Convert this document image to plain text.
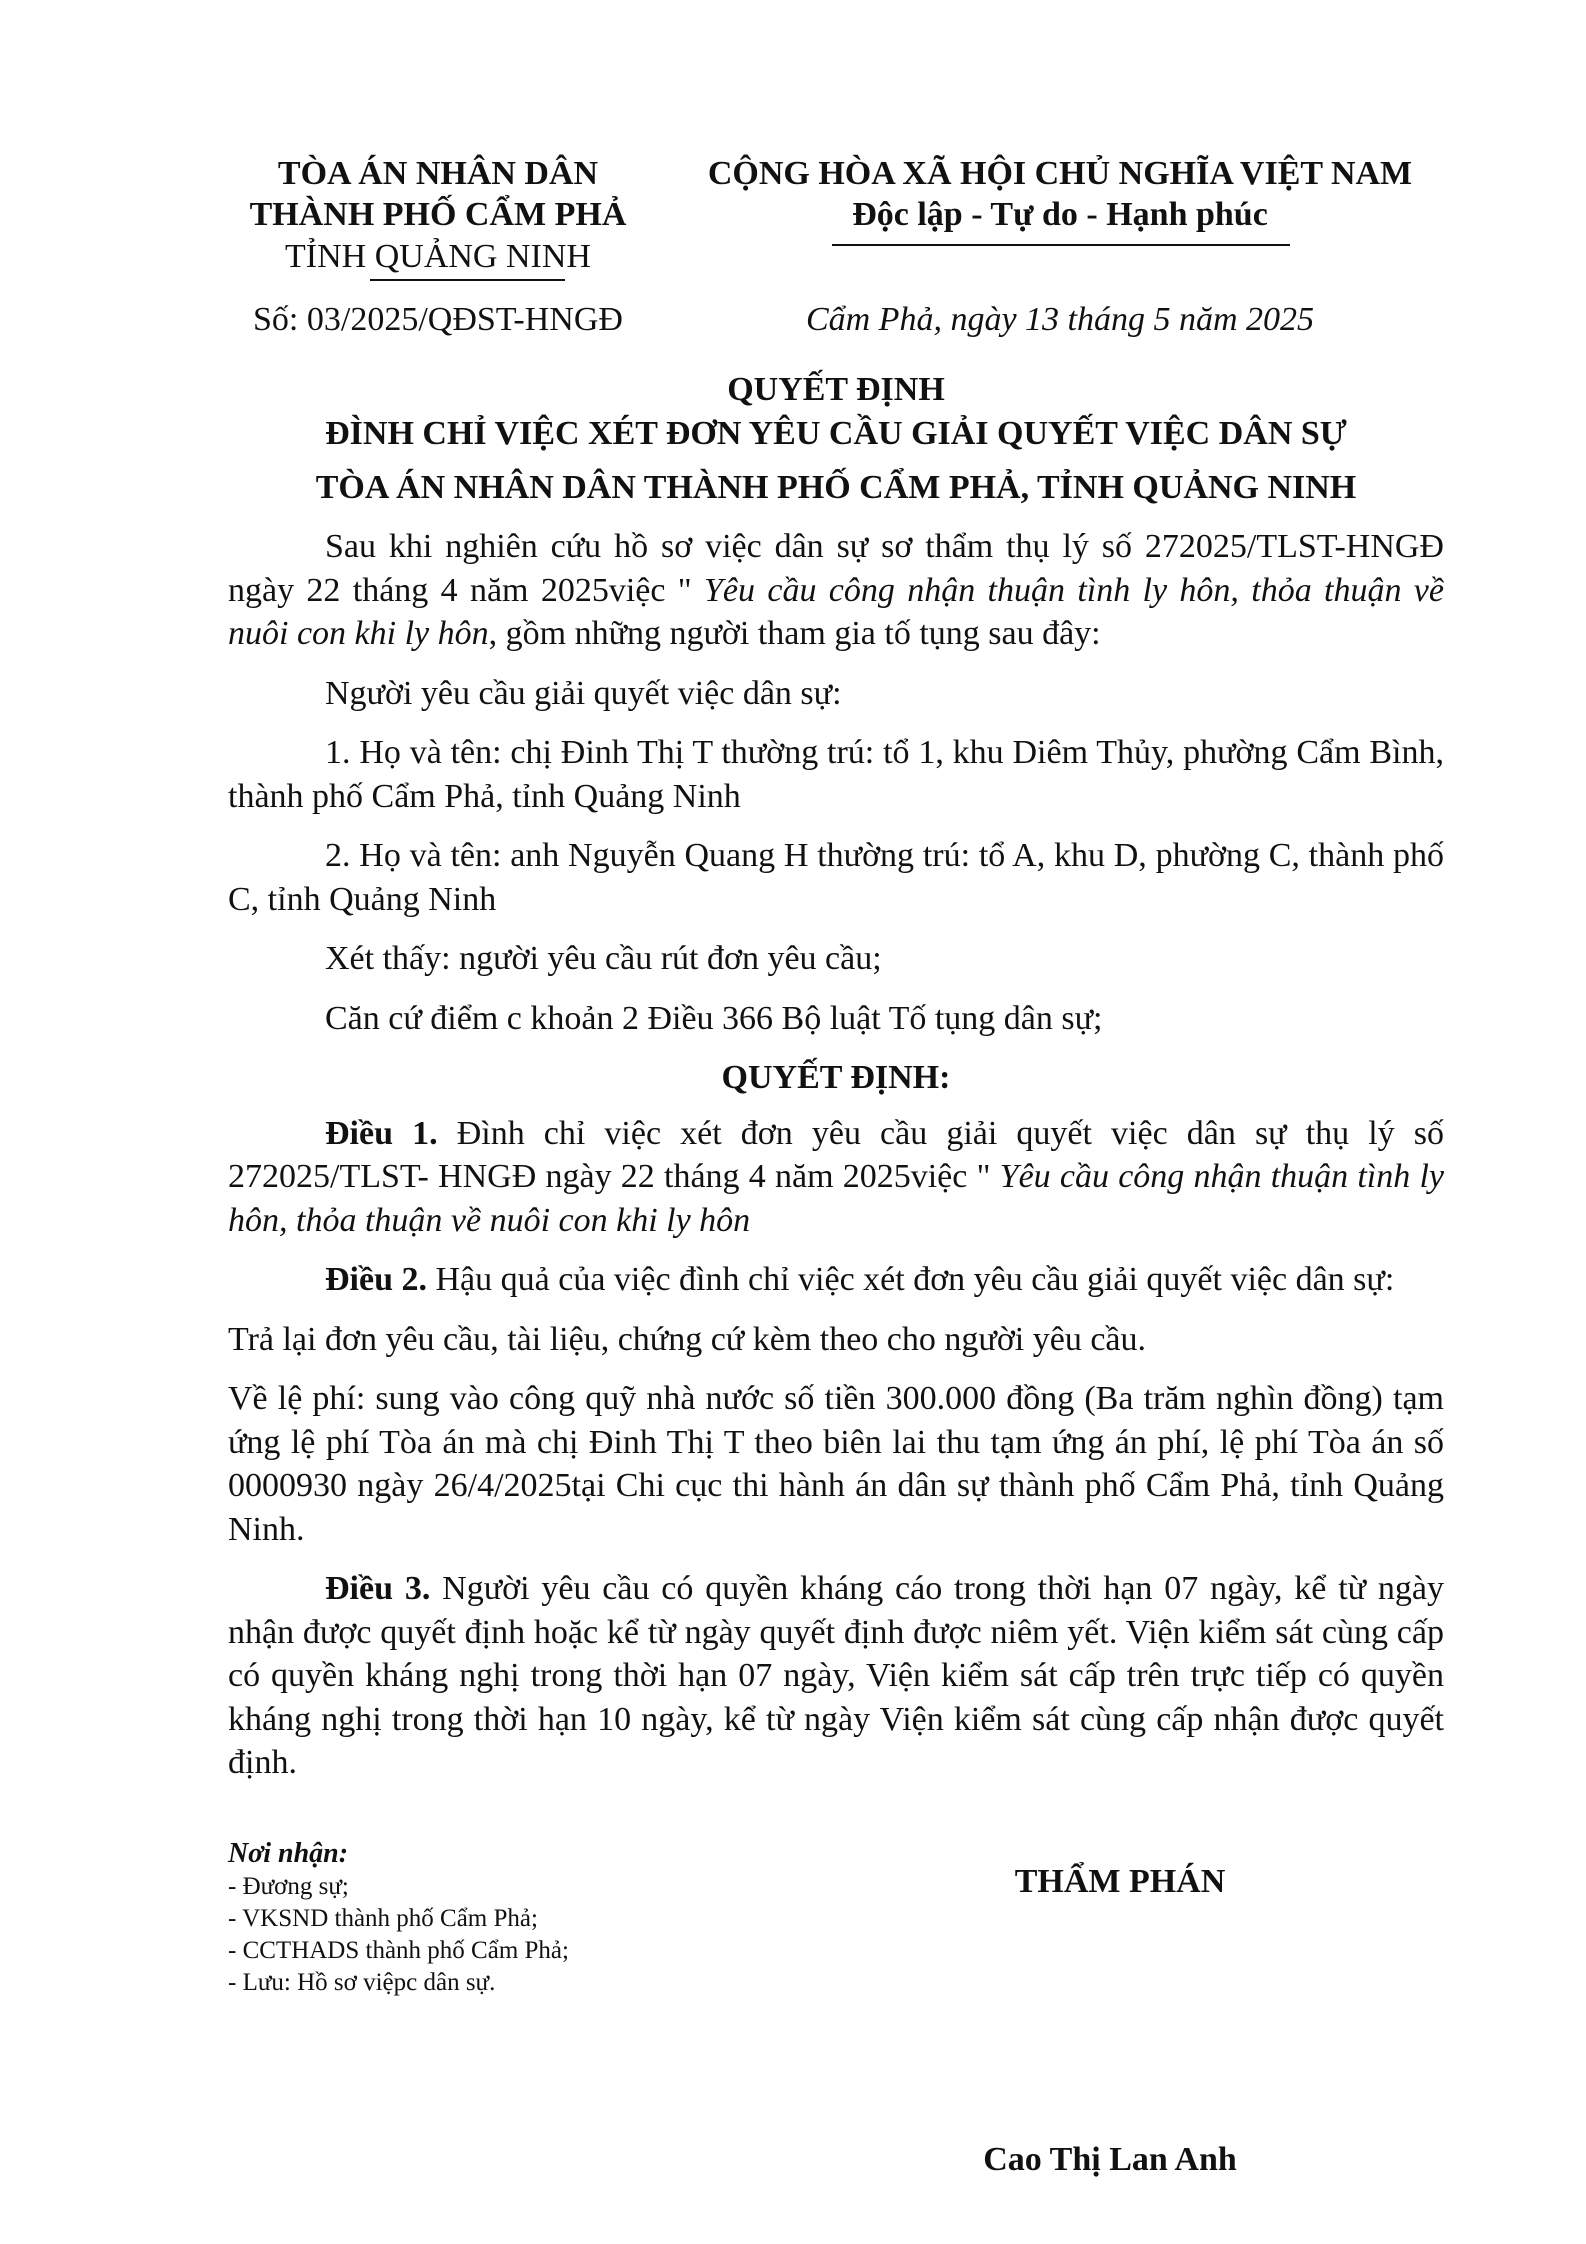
TÒA ÁN NHÂN DÂN
THÀNH PHỐ CẨM PHẢ
TỈNH QUẢNG NINH
CỘNG HÒA XÃ HỘI CHỦ NGHĨA VIỆT NAM
Độc lập - Tự do - Hạnh phúc
Số: 03/2025/QĐST-HNGĐ	Cẩm Phả, ngày 13 tháng 5 năm 2025
QUYẾT ĐỊNH
ĐÌNH CHỈ VIỆC XÉT ĐƠN YÊU CẦU GIẢI QUYẾT VIỆC DÂN SỰ
TÒA ÁN NHÂN DÂN THÀNH PHỐ CẨM PHẢ, TỈNH QUẢNG NINH

Sau khi nghiên cứu hồ sơ việc dân sự sơ thẩm thụ lý số 272025/TLST-HNGĐ ngày 22 tháng 4 năm 2025việc " Yêu cầu công nhận thuận tình ly hôn, thỏa thuận về nuôi con khi ly hôn, gồm những người tham gia tố tụng sau đây:

Người yêu cầu giải quyết việc dân sự:

1. Họ và tên: chị Đinh Thị T thường trú: tổ 1, khu Diêm Thủy, phường Cẩm Bình, thành phố Cẩm Phả, tỉnh Quảng Ninh

2. Họ và tên: anh Nguyễn Quang H thường trú: tổ A, khu D, phường C, thành phố C, tỉnh Quảng Ninh

Xét thấy: người yêu cầu rút đơn yêu cầu;

Căn cứ điểm c khoản 2 Điều 366 Bộ luật Tố tụng dân sự;

QUYẾT ĐỊNH:

Điều 1. Đình chỉ việc xét đơn yêu cầu giải quyết việc dân sự thụ lý số 272025/TLST- HNGĐ ngày 22 tháng 4 năm 2025việc " Yêu cầu công nhận thuận tình ly hôn, thỏa thuận về nuôi con khi ly hôn

Điều 2. Hậu quả của việc đình chỉ việc xét đơn yêu cầu giải quyết việc dân sự:

Trả lại đơn yêu cầu, tài liệu, chứng cứ kèm theo cho người yêu cầu.

Về lệ phí: sung vào công quỹ nhà nước số tiền 300.000 đồng (Ba trăm nghìn đồng) tạm ứng lệ phí Tòa án mà chị Đinh Thị T theo biên lai thu tạm ứng án phí, lệ phí Tòa án số 0000930 ngày 26/4/2025tại Chi cục thi hành án dân sự thành phố Cẩm Phả, tỉnh Quảng Ninh.

Điều 3. Người yêu cầu có quyền kháng cáo trong thời hạn 07 ngày, kể từ ngày nhận được quyết định hoặc kể từ ngày quyết định được niêm yết. Viện kiểm sát cùng cấp có quyền kháng nghị trong thời hạn 07 ngày, Viện kiểm sát cấp trên trực tiếp có quyền kháng nghị trong thời hạn 10 ngày, kể từ ngày Viện kiểm sát cùng cấp nhận được quyết định.

Nơi nhận:
- Đương sự;
- VKSND thành phố Cẩm Phả;
- CCTHADS thành phố Cẩm Phả;
- Lưu: Hồ sơ việpc dân sự.
THẨM PHÁN
Cao Thị Lan Anh
